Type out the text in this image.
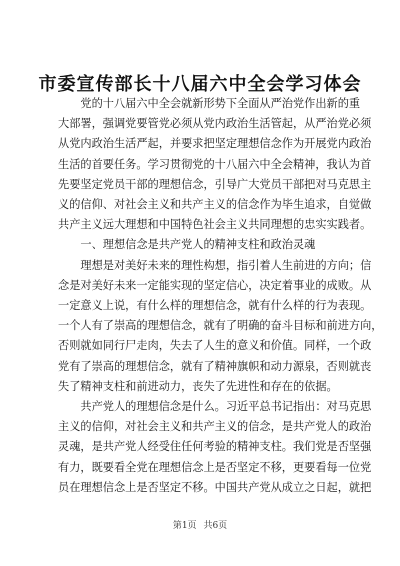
市委宣传部长十八届六中全会学习体会
　　党的十八届六中全会就新形势下全面从严治党作出新的重
大部署，强调党要管党必须从党内政治生活管起，从严治党必须
从党内政治生活严起，并要求把坚定理想信念作为开展党内政治
生活的首要任务。学习贯彻党的十八届六中全会精神，我认为首
先要坚定党员干部的理想信念，引导广大党员干部把对马克思主
义的信仰、对社会主义和共产主义的信念作为毕生追求，自觉做
共产主义远大理想和中国特色社会主义共同理想的忠实实践者。
　　一、理想信念是共产党人的精神支柱和政治灵魂
　　理想是对美好未来的理性构想，指引着人生前进的方向；信
念是对美好未来一定能实现的坚定信心，决定着事业的成败。从
一定意义上说，有什么样的理想信念，就有什么样的行为表现。
一个人有了崇高的理想信念，就有了明确的奋斗目标和前进方向，
否则就如同行尸走肉，失去了人生的意义和价值。同样，一个政
党有了崇高的理想信念，就有了精神旗帜和动力源泉，否则就丧
失了精神支柱和前进动力，丧失了先进性和存在的依据。
　　共产党人的理想信念是什么。习近平总书记指出：对马克思
主义的信仰，对社会主义和共产主义的信念，是共产党人的政治
灵魂，是共产党人经受住任何考验的精神支柱。我们党是否坚强
有力，既要看全党在理想信念上是否坚定不移，更要看每一位党
员在理想信念上是否坚定不移。中国共产党从成立之日起，就把
第1页 共6页
